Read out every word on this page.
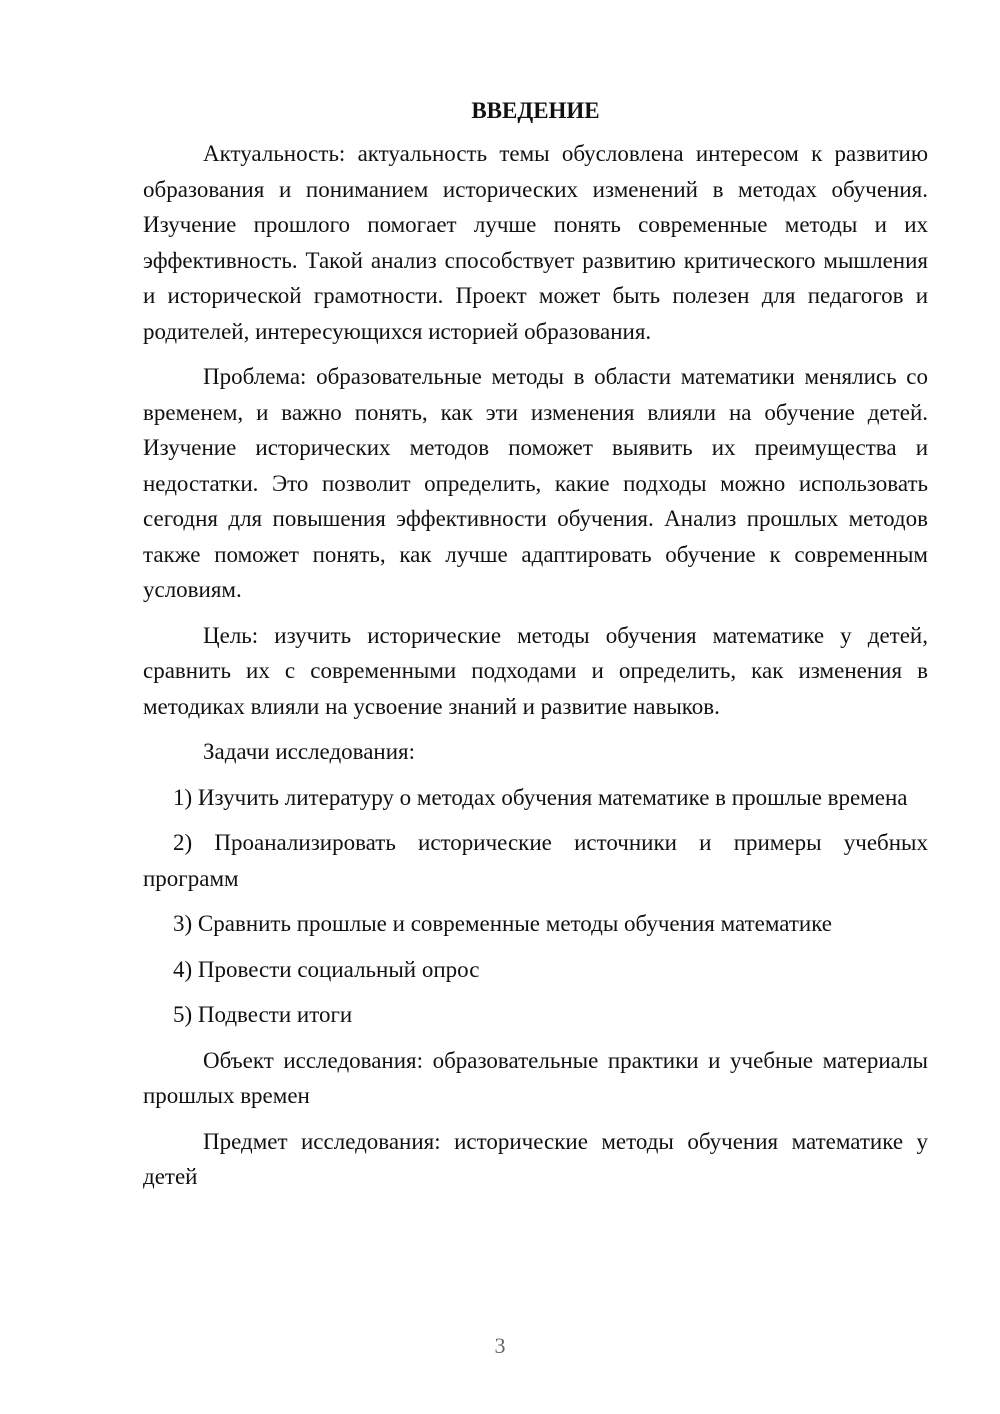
ВВЕДЕНИЕ

Актуальность: актуальность темы обусловлена интересом к развитию образования и пониманием исторических изменений в методах обучения. Изучение прошлого помогает лучше понять современные методы и их эффективность. Такой анализ способствует развитию критического мышления и исторической грамотности. Проект может быть полезен для педагогов и родителей, интересующихся историей образования.

Проблема: образовательные методы в области математики менялись со временем, и важно понять, как эти изменения влияли на обучение детей. Изучение исторических методов поможет выявить их преимущества и недостатки. Это позволит определить, какие подходы можно использовать сегодня для повышения эффективности обучения. Анализ прошлых методов также поможет понять, как лучше адаптировать обучение к современным условиям.

Цель: изучить исторические методы обучения математике у детей, сравнить их с современными подходами и определить, как изменения в методиках влияли на усвоение знаний и развитие навыков.

Задачи исследования:

1) Изучить литературу о методах обучения математике в прошлые времена

2) Проанализировать исторические источники и примеры учебных программ

3) Сравнить прошлые и современные методы обучения математике

4) Провести социальный опрос

5) Подвести итоги

Объект исследования: образовательные практики и учебные материалы прошлых времен

Предмет исследования: исторические методы обучения математике у детей

3
